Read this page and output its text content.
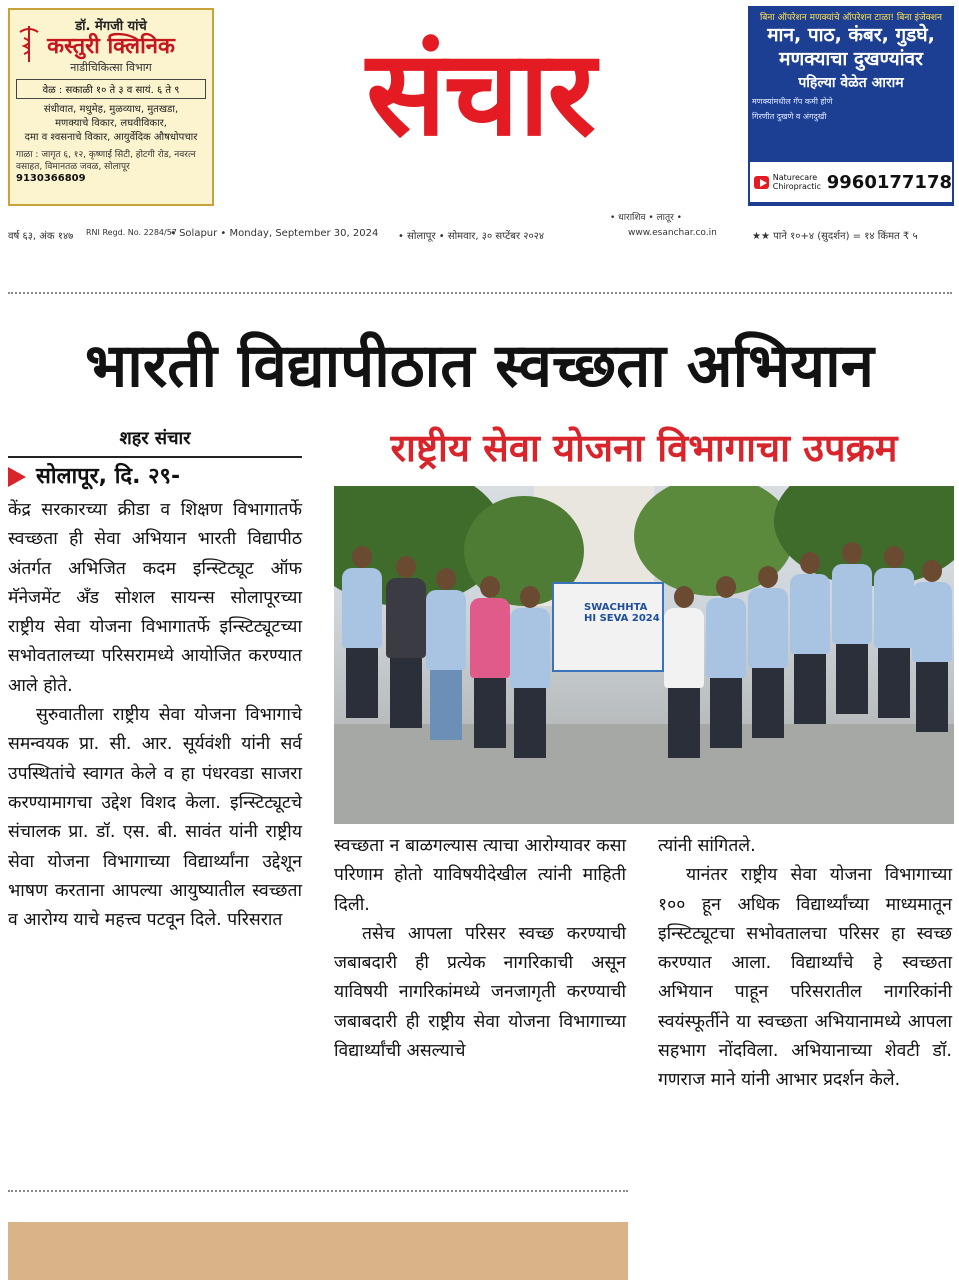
डॉ. मेंगजी यांचे
कस्तुरी क्लिनिक
नाडीचिकित्सा विभाग
वेळ : सकाळी १० ते ३ व सायं. ६ ते ९
संधीवात, मधुमेह, मुळव्याध, मुतखडा,
मणक्याचे विकार, लघवीविकार,
दमा व श्वसनाचे विकार, आयुर्वेदिक औषधोपचार
गाळा : जागृत ६, १२, कृष्णाई सिटी, होटगी रोड, नवरत्न वसाहत, विमानतळ जवळ, सोलापूर
9130366809
संचार
बिना ऑपरेशन मणक्यांचे ऑपरेशन टाळा! बिना इंजेक्शन
मान, पाठ, कंबर, गुडघे, मणक्याचा दुखण्यांवर
पहिल्या वेळेत आराम
मणक्यांमधील गॅप कमी होणे
गिरणीत दुखणे व अंगदुखी
Naturecare Chiropractic 9960177178
• धाराशिव • लातूर •
वर्ष ६३, अंक १४७ RNI Regd. No. 2284/57
• Solapur • Monday, September 30, 2024 • सोलापूर • सोमवार, ३० सप्टेंबर २०२४	www.esanchar.co.in	★★ पाने १०+४ (सुदर्शन) = १४ किंमत ₹ ५
भारती विद्यापीठात स्वच्छता अभियान
शहर संचार	राष्ट्रीय सेवा योजना विभागाचा उपक्रम
सोलापूर, दि. २९-

केंद्र सरकारच्या क्रीडा व शिक्षण विभागातर्फे स्वच्छता ही सेवा अभियान भारती विद्यापीठ अंतर्गत अभिजित कदम इन्स्टिट्यूट ऑफ मॅनेजमेंट अँड सोशल सायन्स सोलापूरच्या राष्ट्रीय सेवा योजना विभागातर्फे इन्स्टिट्यूटच्या सभोवतालच्या परिसरामध्ये आयोजित करण्यात आले होते.

सुरुवातीला राष्ट्रीय सेवा योजना विभागाचे समन्वयक प्रा. सी. आर. सूर्यवंशी यांनी सर्व उपस्थितांचे स्वागत केले व हा पंधरवडा साजरा करण्यामागचा उद्देश विशद केला. इन्स्टिट्यूटचे संचालक प्रा. डॉ. एस. बी. सावंत यांनी राष्ट्रीय सेवा योजना विभागाच्या विद्यार्थ्यांना उद्देशून भाषण करताना आपल्या आयुष्यातील स्वच्छता व आरोग्य याचे महत्त्व पटवून दिले. परिसरात

SWACHHTA HI SEVA 2024

स्वच्छता न बाळगल्यास त्याचा आरोग्यावर कसा परिणाम होतो याविषयीदेखील त्यांनी माहिती दिली.

तसेच आपला परिसर स्वच्छ करण्याची जबाबदारी ही प्रत्येक नागरिकाची असून याविषयी नागरिकांमध्ये जनजागृती करण्याची जबाबदारी ही राष्ट्रीय सेवा योजना विभागाच्या विद्यार्थ्यांची असल्याचे

त्यांनी सांगितले.

यानंतर राष्ट्रीय सेवा योजना विभागाच्या १०० हून अधिक विद्यार्थ्यांच्या माध्यमातून इन्स्टिट्यूटचा सभोवतालचा परिसर हा स्वच्छ करण्यात आला. विद्यार्थ्यांचे हे स्वच्छता अभियान पाहून परिसरातील नागरिकांनी स्वयंस्फूर्तीने या स्वच्छता अभियानामध्ये आपला सहभाग नोंदविला. अभियानाच्या शेवटी डॉ. गणराज माने यांनी आभार प्रदर्शन केले.
